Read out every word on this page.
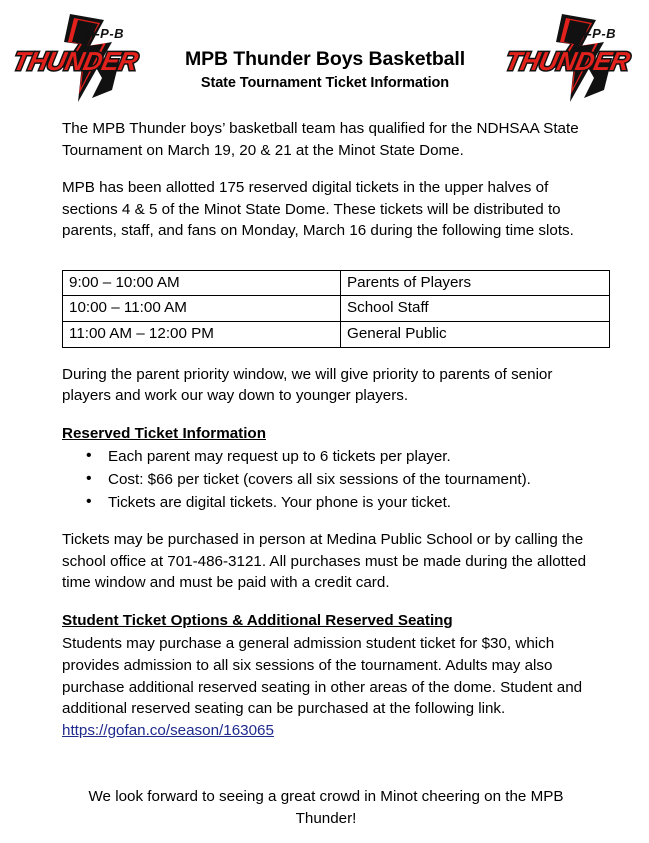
THUNDER
M-P-B
THUNDER
M-P-B
MPB Thunder Boys Basketball
State Tournament Ticket Information

The MPB Thunder boys’ basketball team has qualified for the NDHSAA State Tournament on March 19, 20 & 21 at the Minot State Dome.

MPB has been allotted 175 reserved digital tickets in the upper halves of sections 4 & 5 of the Minot State Dome. These tickets will be distributed to parents, staff, and fans on Monday, March 16 during the following time slots.

9:00 – 10:00 AM	Parents of Players
10:00 – 11:00 AM	School Staff
11:00 AM – 12:00 PM	General Public

During the parent priority window, we will give priority to parents of senior players and work our way down to younger players.

Reserved Ticket Information
• Each parent may request up to 6 tickets per player.
• Cost: $66 per ticket (covers all six sessions of the tournament).
• Tickets are digital tickets. Your phone is your ticket.

Tickets may be purchased in person at Medina Public School or by calling the school office at 701-486-3121. All purchases must be made during the allotted time window and must be paid with a credit card.

Student Ticket Options & Additional Reserved Seating

Students may purchase a general admission student ticket for $30, which provides admission to all six sessions of the tournament. Adults may also purchase additional reserved seating in other areas of the dome. Student and additional reserved seating can be purchased at the following link.

https://gofan.co/season/163065
We look forward to seeing a great crowd in Minot cheering on the MPB Thunder!
